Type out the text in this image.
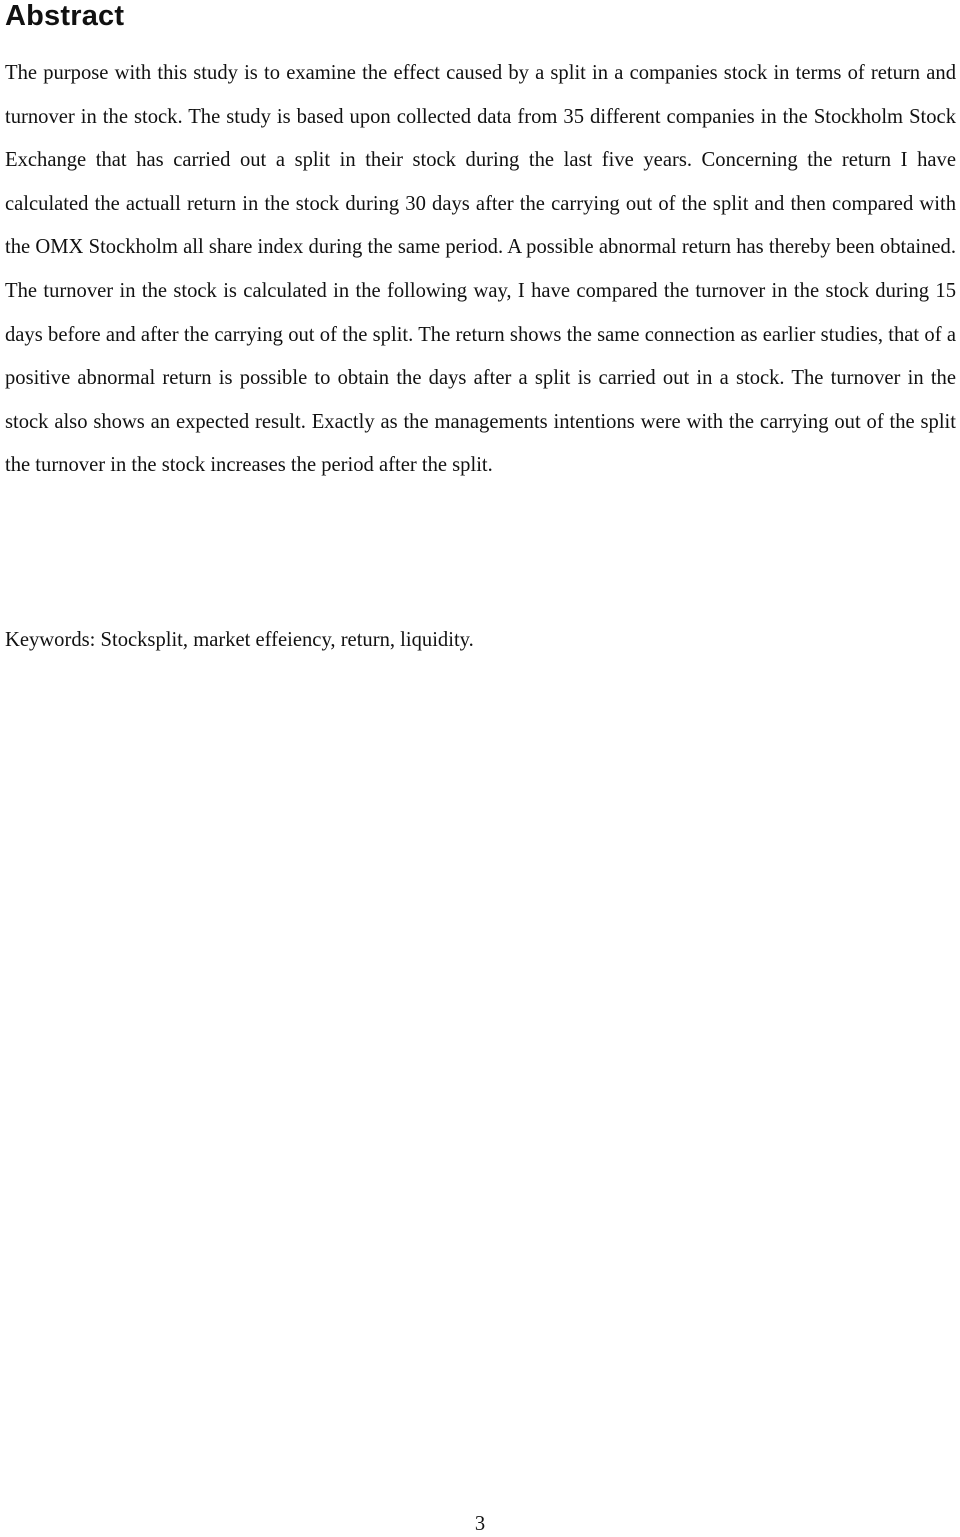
Abstract

The purpose with this study is to examine the effect caused by a split in a companies stock in terms of return and turnover in the stock. The study is based upon collected data from 35 different companies in the Stockholm Stock Exchange that has carried out a split in their stock during the last five years. Concerning the return I have calculated the actuall return in the stock during 30 days after the carrying out of the split and then compared with the OMX Stockholm all share index during the same period. A possible abnormal return has thereby been obtained. The turnover in the stock is calculated in the following way, I have compared the turnover in the stock during 15 days before and after the carrying out of the split. The return shows the same connection as earlier studies, that of a positive abnormal return is possible to obtain the days after a split is carried out in a stock. The turnover in the stock also shows an expected result. Exactly as the managements intentions were with the carrying out of the split the turnover in the stock increases the period after the split.

Keywords: Stocksplit, market effeiency, return, liquidity.

3
